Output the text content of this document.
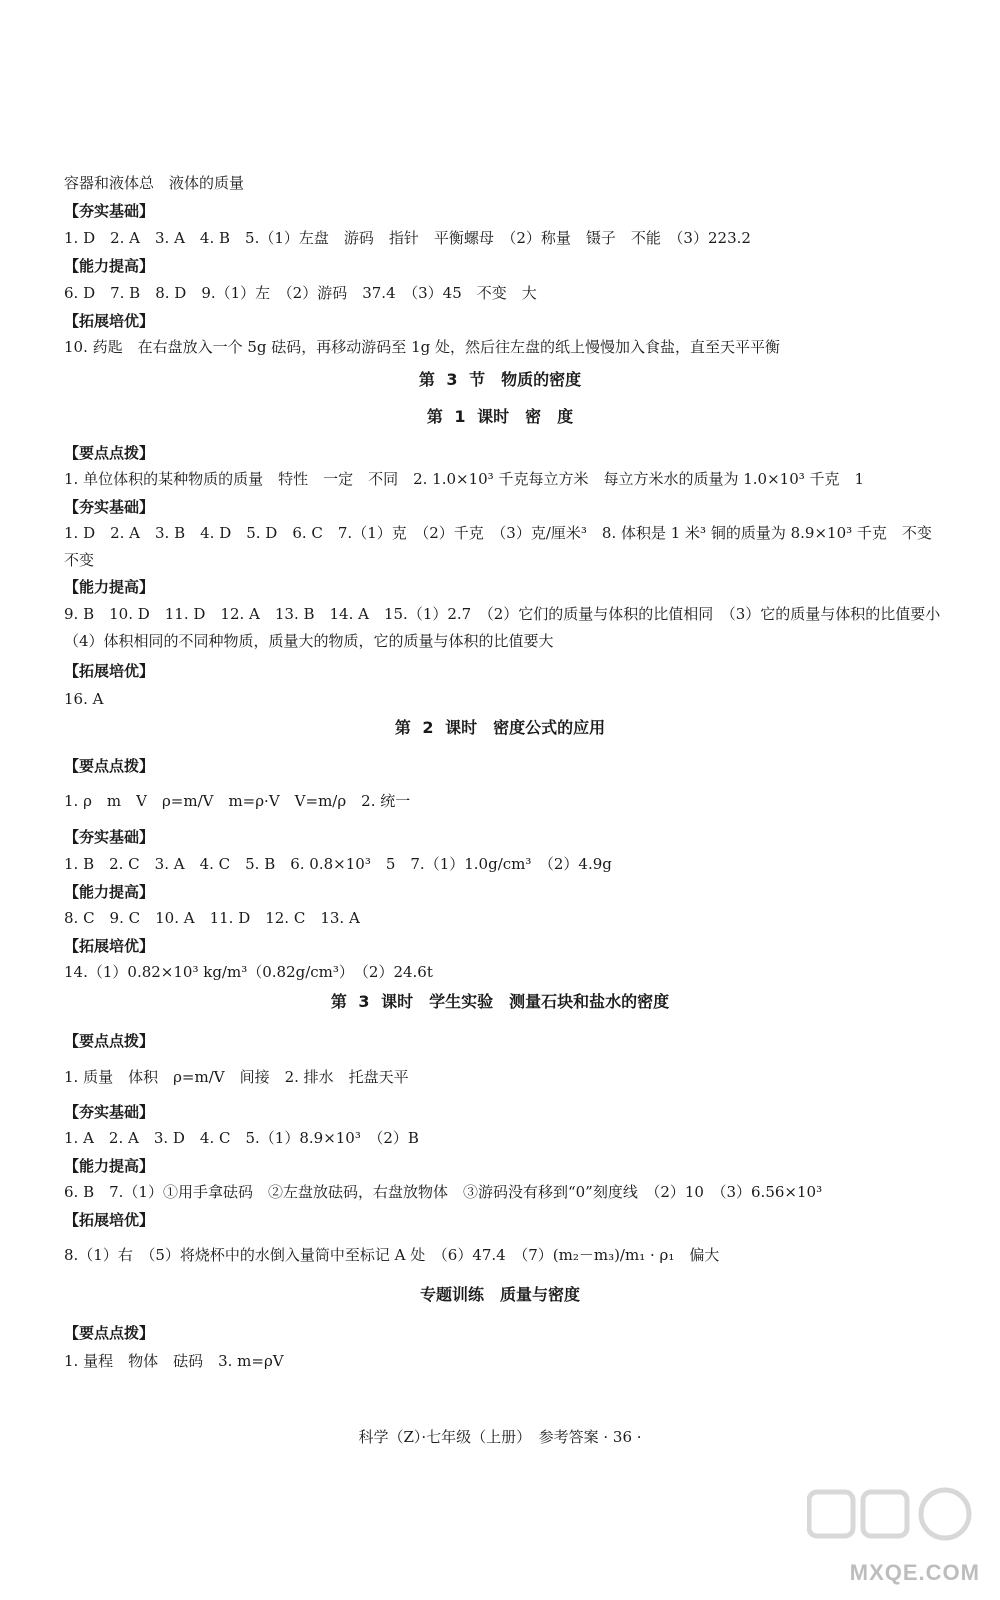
容器和液体总　液体的质量
【夯实基础】
1. D　2. A　3. A　4. B　5.（1）左盘　游码　指针　平衡螺母　（2）称量　镊子　不能　（3）223.2
【能力提高】
6. D　7. B　8. D　9.（1）左　（2）游码　37.4　（3）45　不变　大
【拓展培优】
10. 药匙　在右盘放入一个 5g 砝码，再移动游码至 1g 处，然后往左盘的纸上慢慢加入食盐，直至天平平衡
第 3 节　物质的密度
第 1 课时　密　度
【要点点拨】
1. 单位体积的某种物质的质量　特性　一定　不同　2. 1.0×10³ 千克每立方米　每立方米水的质量为 1.0×10³ 千克　1
【夯实基础】
1. D　2. A　3. B　4. D　5. D　6. C　7.（1）克　（2）千克　（3）克/厘米³　8. 体积是 1 米³ 铜的质量为 8.9×10³ 千克　不变
不变
【能力提高】
9. B　10. D　11. D　12. A　13. B　14. A　15.（1）2.7　（2）它们的质量与体积的比值相同　（3）它的质量与体积的比值要小
（4）体积相同的不同种物质，质量大的物质，它的质量与体积的比值要大
【拓展培优】
16. A
第 2 课时　密度公式的应用
【要点点拨】
1. ρ　m　V　ρ=m/V　m=ρ·V　V=m/ρ　2. 统一
【夯实基础】
1. B　2. C　3. A　4. C　5. B　6. 0.8×10³　5　7.（1）1.0g/cm³　（2）4.9g
【能力提高】
8. C　9. C　10. A　11. D　12. C　13. A
【拓展培优】
14.（1）0.82×10³ kg/m³（0.82g/cm³）　（2）24.6t
第 3 课时　学生实验　测量石块和盐水的密度
【要点点拨】
1. 质量　体积　ρ=m/V　间接　2. 排水　托盘天平
【夯实基础】
1. A　2. A　3. D　4. C　5.（1）8.9×10³　（2）B
【能力提高】
6. B　7.（1）①用手拿砝码　②左盘放砝码，右盘放物体　③游码没有移到“0”刻度线　（2）10　（3）6.56×10³
【拓展培优】
8.（1）右　（5）将烧杯中的水倒入量筒中至标记 A 处　（6）47.4　（7）(m₂－m₃)/m₁ · ρ₁　偏大
专题训练　质量与密度
【要点点拨】
1. 量程　物体　砝码　3. m=ρV
科学（Z）·七年级（上册）　参考答案 · 36 ·
MXQE.COM
